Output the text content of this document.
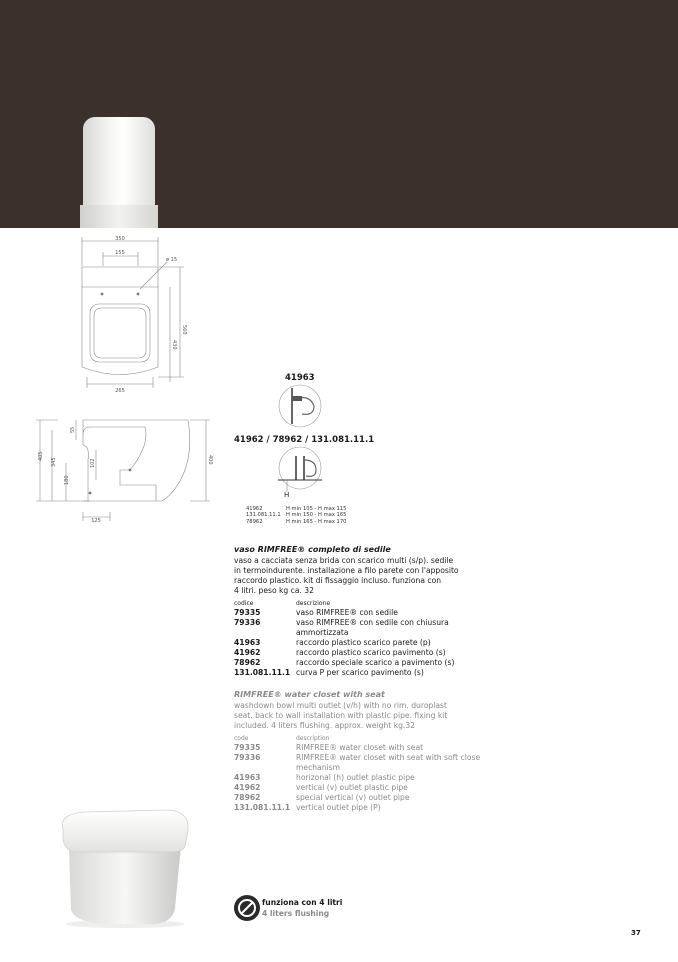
350
155
ø 15
560
430
265
405
345
180
102
55
400
125
41963
41962 / 78962 / 131.081.11.1
H
41962	H min 105 - H max 115
131.081.11.1 H min 150 - H max 165
78962	H min 165 - H max 170
vaso RIMFREE® completo di sedile
vaso a cacciata senza brida con scarico multi (s/p). sedile
in termoindurente. installazione a filo parete con l'apposito
raccordo plastico. kit di fissaggio incluso. funziona con
4 litri. peso kg ca. 32
codice	descrizione
79335	vaso RIMFREE® con sedile
79336	vaso RIMFREE® con sedile con chiusura ammortizzata
41963	raccordo plastico scarico parete (p)
41962	raccordo plastico scarico pavimento (s)
78962	raccordo speciale scarico a pavimento (s)
131.081.11.1 curva P per scarico pavimento (s)
RIMFREE® water closet with seat
washdown bowl multi outlet (v/h) with no rim. duroplast
seat. back to wall installation with plastic pipe. fixing kit
included. 4 liters flushing. approx. weight kg.32
code	description
79335	RIMFREE® water closet with seat
79336	RIMFREE® water closet with seat with soft close mechanism
41963	horizonal (h) outlet plastic pipe
41962	vertical (v) outlet plastic pipe
78962	special vertical (v) outlet pipe
131.081.11.1 vertical outlet pipe (P)
funziona con 4 litri
4 liters flushing
37
